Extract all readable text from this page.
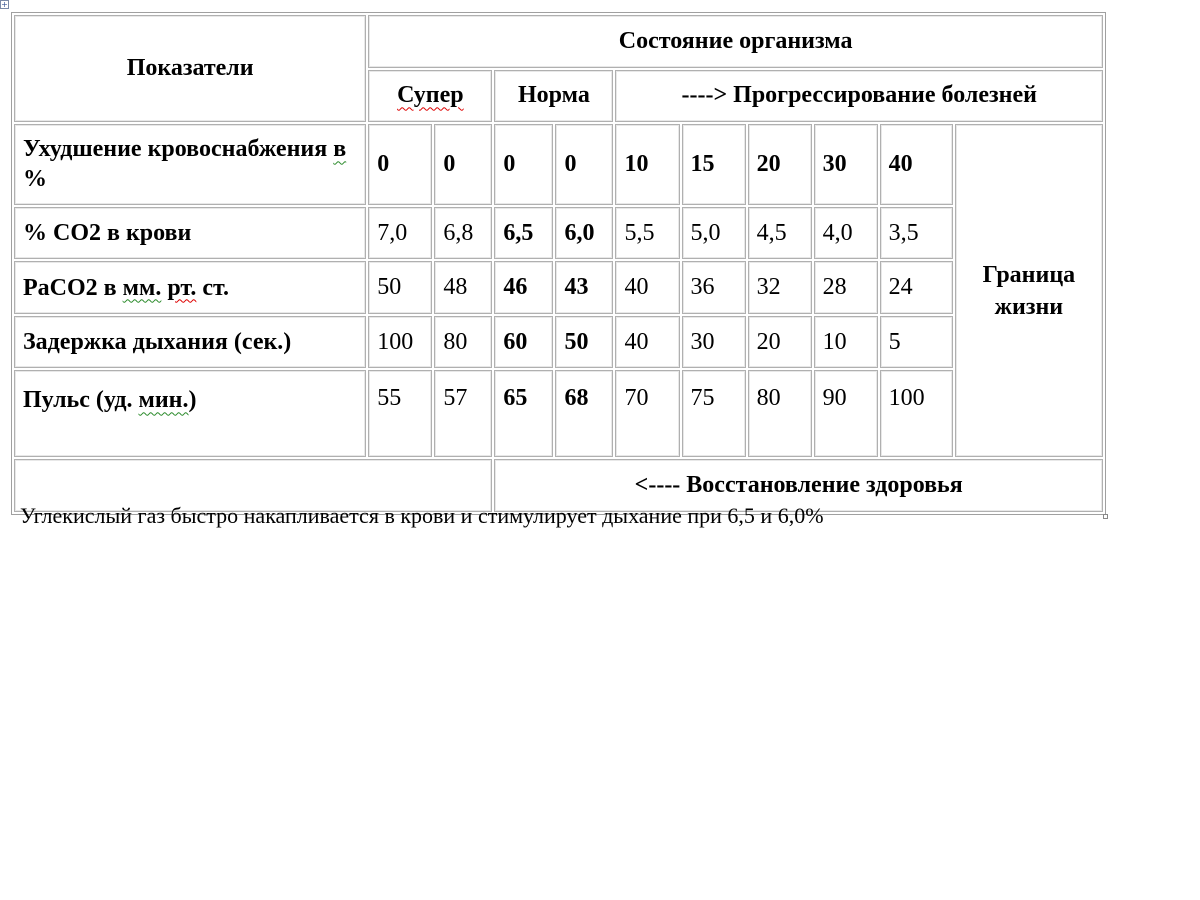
+
Показатели	Состояние организма									
	Супер		Норма		----> Прогрессирование болезней					
Ухудшение кровоснабжения в %	0	0	0	0	10	15	20	30	40	Граница жизни
% СО2 в крови	7,0	6,8	6,5	6,0	5,5	5,0	4,5	4,0	3,5	
РаСО2 в мм. рт. ст.	50	48	46	43	40	36	32	28	24	
Задержка дыхания (сек.)	100	80	60	50	40	30	20	10	5	
Пульс (уд. мин.)	55	57	65	68	70	75	80	90	100	
			<---- Восстановление здоровья							
Углекислый газ быстро накапливается в крови и стимулирует дыхание при 6,5 и 6,0%
